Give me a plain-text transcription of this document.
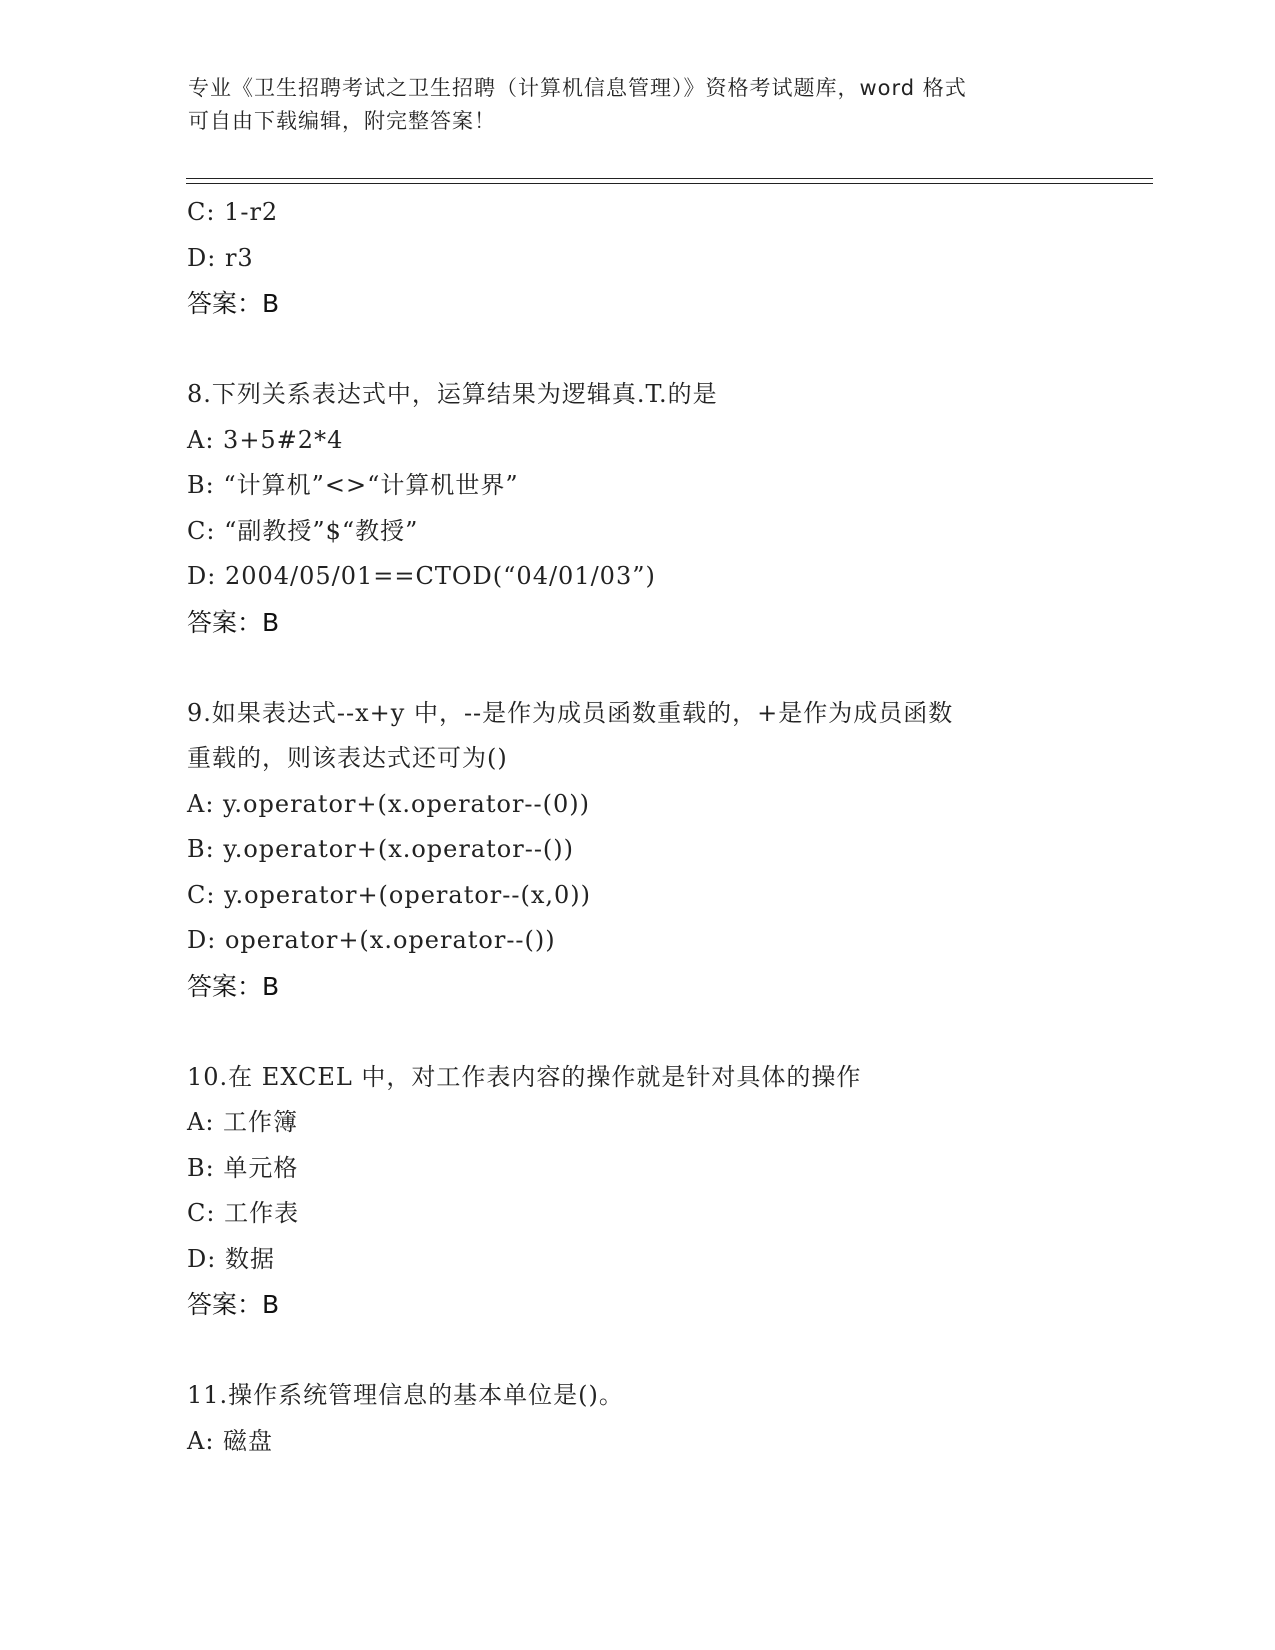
专业《卫生招聘考试之卫生招聘（计算机信息管理）》资格考试题库，word 格式
可自由下载编辑，附完整答案！
C: 1-r2
D: r3
答案：B
8.下列关系表达式中，运算结果为逻辑真.T.的是
A: 3+5#2*4
B: “计算机”<>“计算机世界”
C: “副教授”$“教授”
D: 2004/05/01==CTOD(“04/01/03”)
答案：B
9.如果表达式--x+y 中，--是作为成员函数重载的，+是作为成员函数
重载的，则该表达式还可为()
A: y.operator+(x.operator--(0))
B: y.operator+(x.operator--())
C: y.operator+(operator--(x,0))
D: operator+(x.operator--())
答案：B
10.在 EXCEL 中，对工作表内容的操作就是针对具体的操作
A: 工作簿
B: 单元格
C: 工作表
D: 数据
答案：B
11.操作系统管理信息的基本单位是()。
A: 磁盘
